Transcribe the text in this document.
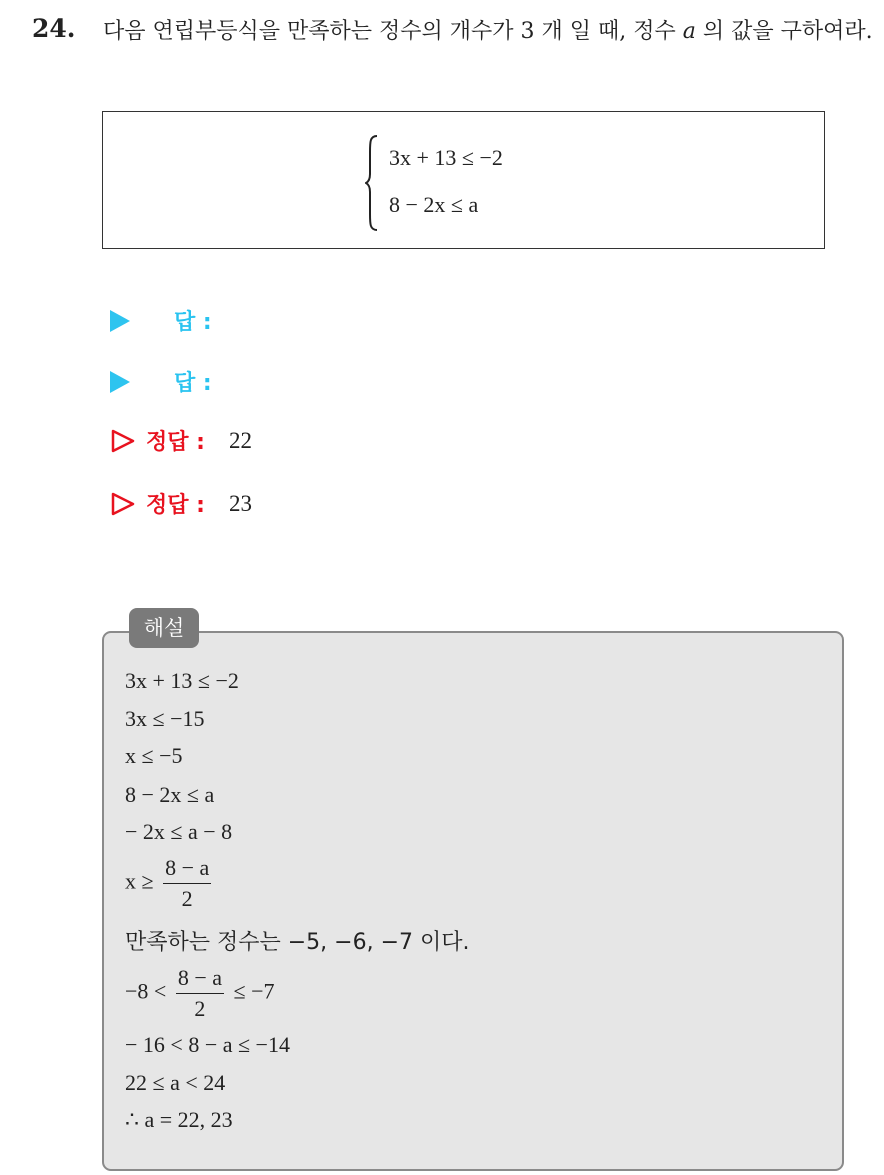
24. 다음 연립부등식을 만족하는 정수의 개수가 3 개 일 때, 정수 a 의 값을 구하여라.
3x + 13 ≤ −2
8 − 2x ≤ a
답 :
답 :
정답 : 22
정답 : 23
해설
3x + 13 ≤ −2
3x ≤ −15
x ≤ −5
8 − 2x ≤ a
− 2x ≤ a − 8
$x \ge \frac{8 - a}{2}$
만족하는 정수는 −5, −6, −7 이다.
$-8 < \frac{8 - a}{2} \le -7$
− 16 < 8 − a ≤ −14
22 ≤ a < 24
∴ a = 22, 23
